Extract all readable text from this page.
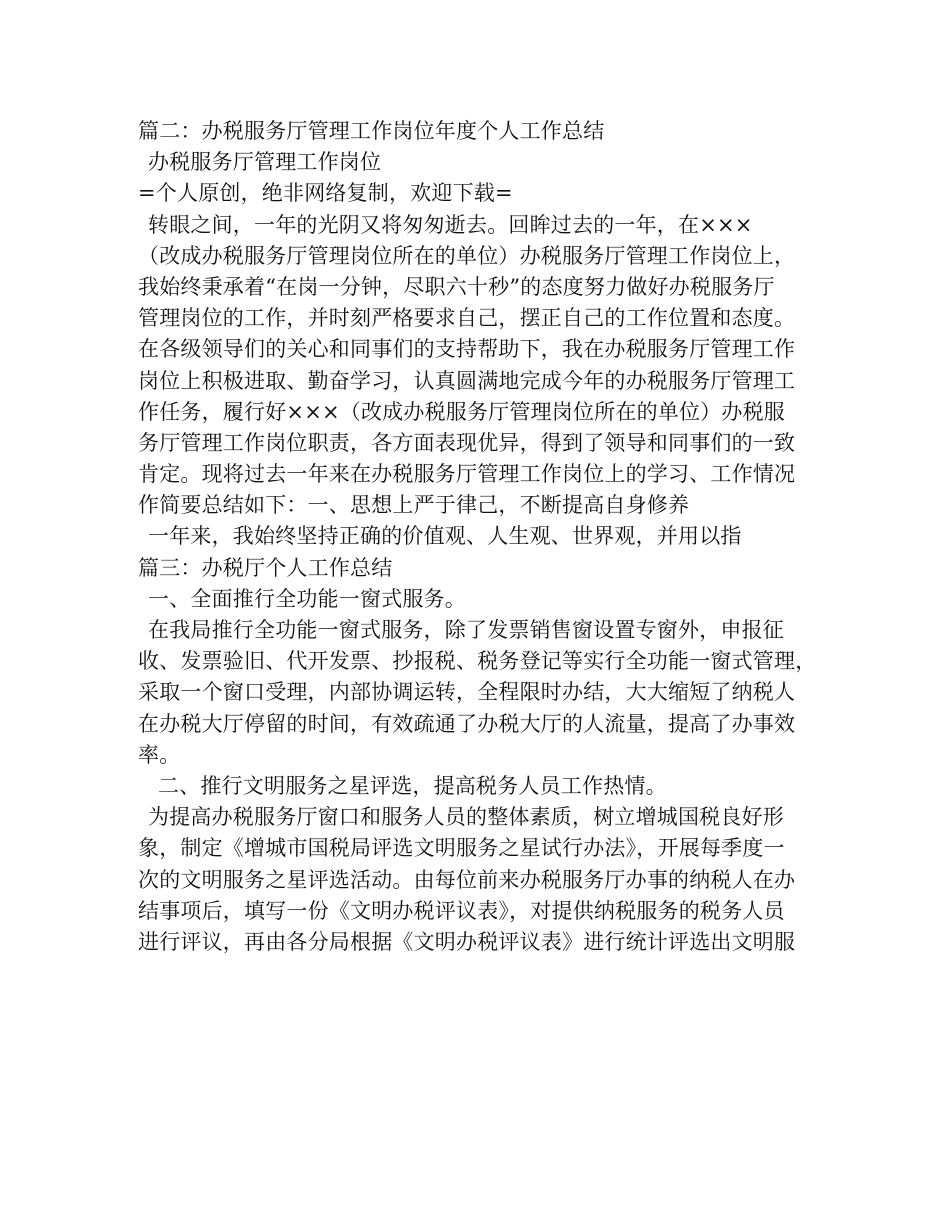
篇二：办税服务厅管理工作岗位年度个人工作总结
办税服务厅管理工作岗位
=个人原创，绝非网络复制，欢迎下载=
转眼之间，一年的光阴又将匆匆逝去。回眸过去的一年，在×××
（改成办税服务厅管理岗位所在的单位）办税服务厅管理工作岗位上，
我始终秉承着“在岗一分钟，尽职六十秒”的态度努力做好办税服务厅
管理岗位的工作，并时刻严格要求自己，摆正自己的工作位置和态度。
在各级领导们的关心和同事们的支持帮助下，我在办税服务厅管理工作
岗位上积极进取、勤奋学习，认真圆满地完成今年的办税服务厅管理工
作任务，履行好×××（改成办税服务厅管理岗位所在的单位）办税服
务厅管理工作岗位职责，各方面表现优异，得到了领导和同事们的一致
肯定。现将过去一年来在办税服务厅管理工作岗位上的学习、工作情况
作简要总结如下：一、思想上严于律己，不断提高自身修养
一年来，我始终坚持正确的价值观、人生观、世界观，并用以指
篇三：办税厅个人工作总结
一、全面推行全功能一窗式服务。
在我局推行全功能一窗式服务，除了发票销售窗设置专窗外，申报征
收、发票验旧、代开发票、抄报税、税务登记等实行全功能一窗式管理，
采取一个窗口受理，内部协调运转，全程限时办结，大大缩短了纳税人
在办税大厅停留的时间，有效疏通了办税大厅的人流量，提高了办事效
率。
二、推行文明服务之星评选，提高税务人员工作热情。
为提高办税服务厅窗口和服务人员的整体素质，树立增城国税良好形
象，制定《增城市国税局评选文明服务之星试行办法》，开展每季度一
次的文明服务之星评选活动。由每位前来办税服务厅办事的纳税人在办
结事项后，填写一份《文明办税评议表》，对提供纳税服务的税务人员
进行评议，再由各分局根据《文明办税评议表》进行统计评选出文明服
